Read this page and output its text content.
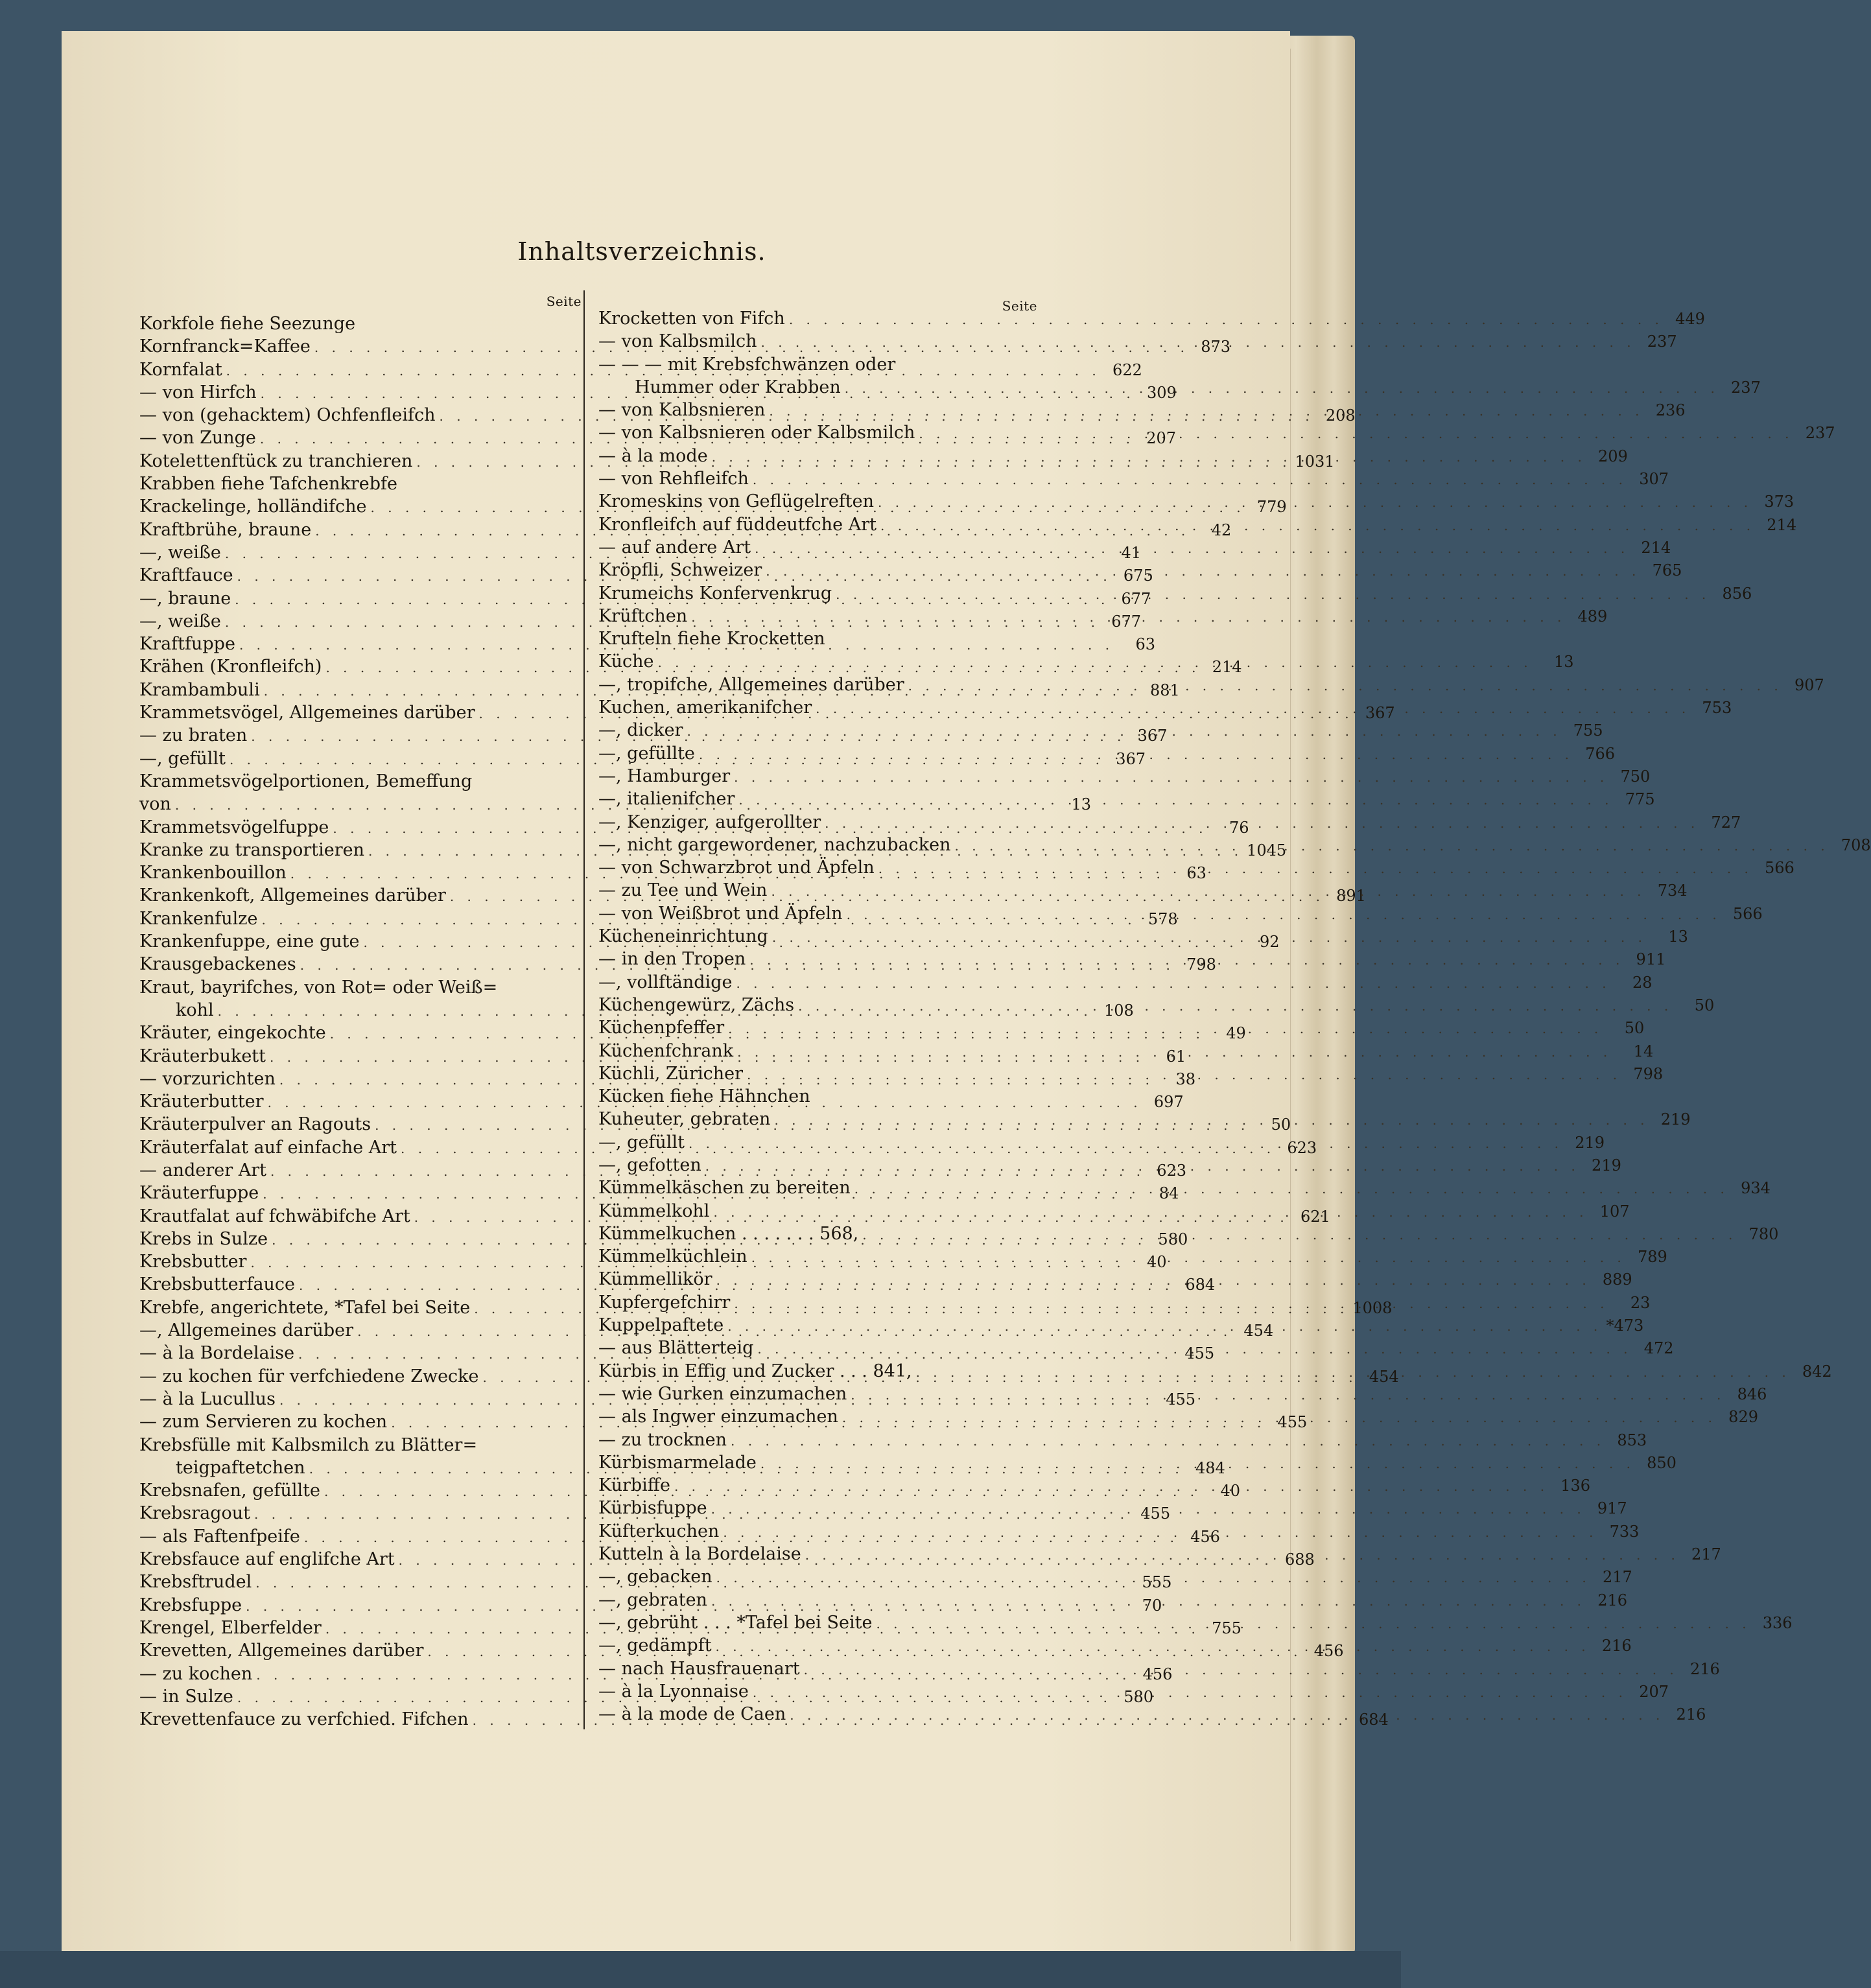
Inhaltsverzeichnis.
Seite
Korkfole fiehe Seezunge
Kornfranck=Kaffee . . .	873
Kornfalat . . .	622
— von Hirfch . . .	309
— von (gehacktem) Ochfenfleifch . . .	208
— von Zunge . . .	207
Kotelettenftück zu tranchieren . . .	1031
Krabben fiehe Tafchenkrebfe
Krackelinge, holländifche . . .	779
Kraftbrühe, braune . . .	42
—, weiße . . .	41
Kraftfauce . . .	675
—, braune . . .	677
—, weiße . . .	677
Kraftfuppe . . .	63
Krähen (Kronfleifch) . . .	214
Krambambuli . . .	881
Krammetsvögel, Allgemeines darüber . . .	367
— zu braten . . .	367
—, gefüllt . . .	367
Krammetsvögelportionen, Bemeffung
von . . .	13
Krammetsvögelfuppe . . .	76
Kranke zu transportieren . . .	1045
Krankenbouillon . . .	63
Krankenkoft, Allgemeines darüber . . .	891
Krankenfulze . . .	578
Krankenfuppe, eine gute . . .	92
Krausgebackenes . . .	798
Kraut, bayrifches, von Rot= oder Weiß=
kohl . . .	108
Kräuter, eingekochte . . .	49
Kräuterbukett . . .	61
— vorzurichten . . .	38
Kräuterbutter . . .	697
Kräuterpulver an Ragouts . . .	50
Kräuterfalat auf einfache Art . . .	623
— anderer Art . . .	623
Kräuterfuppe . . .	84
Krautfalat auf fchwäbifche Art . . .	621
Krebs in Sulze . . .	580
Krebsbutter . . .	40
Krebsbutterfauce . . .	684
Krebfe, angerichtete, *Tafel bei Seite . . .	1008
—, Allgemeines darüber . . .	454
— à la Bordelaise . . .	455
— zu kochen für verfchiedene Zwecke . . .	454
— à la Lucullus . . .	455
— zum Servieren zu kochen . . .	455
Krebsfülle mit Kalbsmilch zu Blätter=
teigpaftetchen . . .	484
Krebsnafen, gefüllte . . .	40
Krebsragout . . .	455
— als Faftenfpeife . . .	456
Krebsfauce auf englifche Art . . .	688
Krebsftrudel . . .	555
Krebsfuppe . . .	70
Krengel, Elberfelder . . .	755
Krevetten, Allgemeines darüber . . .	456
— zu kochen . . .	456
— in Sulze . . .	580
Krevettenfauce zu verfchied. Fifchen . . .	684
Seite
Krocketten von Fifch . . .	449
— von Kalbsmilch . . .	237
— — — mit Krebsfchwänzen oder
Hummer oder Krabben . . .	237
— von Kalbsnieren . . .	236
— von Kalbsnieren oder Kalbsmilch . . .	237
— à la mode . . .	209
— von Rehfleifch . . .	307
Kromeskins von Geflügelreften . . .	373
Kronfleifch auf füddeutfche Art . . .	214
— auf andere Art . . .	214
Kröpfli, Schweizer . . .	765
Krumeichs Konfervenkrug . . .	856
Krüftchen . . .	489
Krufteln fiehe Krocketten
Küche . . .	13
—, tropifche, Allgemeines darüber . . .	907
Kuchen, amerikanifcher . . .	753
—, dicker . . .	755
—, gefüllte . . .	766
—, Hamburger . . .	750
—, italienifcher . . .	775
—, Kenziger, aufgerollter . . .	727
—, nicht gargewordener, nachzubacken . . .	708
— von Schwarzbrot und Äpfeln . . .	566
— zu Tee und Wein . . .	734
— von Weißbrot und Äpfeln . . .	566
Kücheneinrichtung . . .	13
— in den Tropen . . .	911
—, vollftändige . . .	28
Küchengewürz, Zächs . . .	50
Küchenpfeffer . . .	50
Küchenfchrank . . .	14
Küchli, Züricher . . .	798
Kücken fiehe Hähnchen
Kuheuter, gebraten . . .	219
—, gefüllt . . .	219
—, gefotten . . .	219
Kümmelkäschen zu bereiten . . .	934
Kümmelkohl . . .	107
Kümmelkuchen . . . . . . . 568, . . .	780
Kümmelküchlein . . .	789
Kümmellikör . . .	889
Kupfergefchirr . . .	23
Kuppelpaftete . . .	*473
— aus Blätterteig . . .	472
Kürbis in Effig und Zucker . . . 841, . . .	842
— wie Gurken einzumachen . . .	846
— als Ingwer einzumachen . . .	829
— zu trocknen . . .	853
Kürbismarmelade . . .	850
Kürbiffe . . .	136
Kürbisfuppe . . .	917
Küfterkuchen . . .	733
Kutteln à la Bordelaise . . .	217
—, gebacken . . .	217
—, gebraten . . .	216
—, gebrüht . . . *Tafel bei Seite . . .	336
—, gedämpft . . .	216
— nach Hausfrauenart . . .	216
— à la Lyonnaise . . .	207
— à la mode de Caen . . .	216
